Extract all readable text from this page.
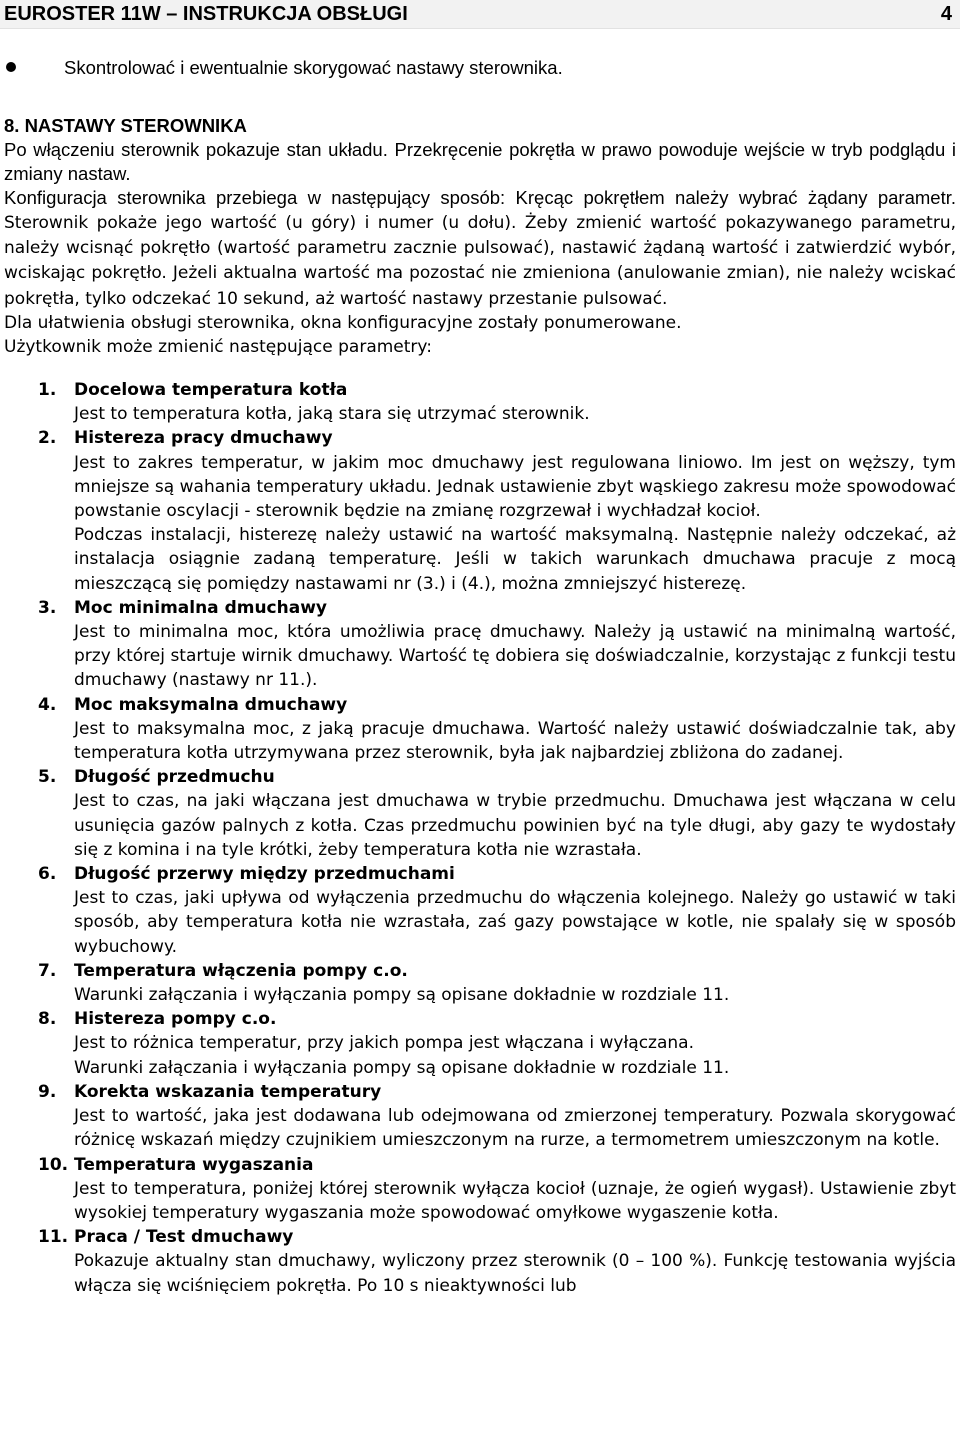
EUROSTER 11W – INSTRUKCJA OBSŁUGI	4
Skontrolować i ewentualnie skorygować nastawy sterownika.
8. NASTAWY STEROWNIKA

Po włączeniu sterownik pokazuje stan układu. Przekręcenie pokrętła w prawo powoduje wejście w tryb podglądu i zmiany nastaw.

Konfiguracja sterownika przebiega w następujący sposób: Kręcąc pokrętłem należy wybrać żądany parametr. Sterownik pokaże jego wartość (u góry) i numer (u dołu). Żeby zmienić wartość pokazywanego parametru, należy wcisnąć pokrętło (wartość parametru zacznie pulsować), nastawić żądaną wartość i zatwierdzić wybór, wciskając pokrętło. Jeżeli aktualna wartość ma pozostać nie zmieniona (anulowanie zmian), nie należy wciskać pokrętła, tylko odczekać 10 sekund, aż wartość nastawy przestanie pulsować.

Dla ułatwienia obsługi sterownika, okna konfiguracyjne zostały ponumerowane.

Użytkownik może zmienić następujące parametry:

1. Docelowa temperatura kotła

Jest to temperatura kotła, jaką stara się utrzymać sterownik.

2. Histereza pracy dmuchawy

Jest to zakres temperatur, w jakim moc dmuchawy jest regulowana liniowo. Im jest on węższy, tym mniejsze są wahania temperatury układu. Jednak ustawienie zbyt wąskiego zakresu może spowodować powstanie oscylacji - sterownik będzie na zmianę rozgrzewał i wychładzał kocioł.

Podczas instalacji, histerezę należy ustawić na wartość maksymalną. Następnie należy odczekać, aż instalacja osiągnie zadaną temperaturę. Jeśli w takich warunkach dmuchawa pracuje z mocą mieszczącą się pomiędzy nastawami nr (3.) i (4.), można zmniejszyć histerezę.

3. Moc minimalna dmuchawy

Jest to minimalna moc, która umożliwia pracę dmuchawy. Należy ją ustawić na minimalną wartość, przy której startuje wirnik dmuchawy. Wartość tę dobiera się doświadczalnie, korzystając z funkcji testu dmuchawy (nastawy nr 11.).

4. Moc maksymalna dmuchawy

Jest to maksymalna moc, z jaką pracuje dmuchawa. Wartość należy ustawić doświadczalnie tak, aby temperatura kotła utrzymywana przez sterownik, była jak najbardziej zbliżona do zadanej.

5. Długość przedmuchu

Jest to czas, na jaki włączana jest dmuchawa w trybie przedmuchu. Dmuchawa jest włączana w celu usunięcia gazów palnych z kotła. Czas przedmuchu powinien być na tyle długi, aby gazy te wydostały się z komina i na tyle krótki, żeby temperatura kotła nie wzrastała.

6. Długość przerwy między przedmuchami

Jest to czas, jaki upływa od wyłączenia przedmuchu do włączenia kolejnego. Należy go ustawić w taki sposób, aby temperatura kotła nie wzrastała, zaś gazy powstające w kotle, nie spalały się w sposób wybuchowy.

7. Temperatura włączenia pompy c.o.

Warunki załączania i wyłączania pompy są opisane dokładnie w rozdziale 11.

8. Histereza pompy c.o.

Jest to różnica temperatur, przy jakich pompa jest włączana i wyłączana.

Warunki załączania i wyłączania pompy są opisane dokładnie w rozdziale 11.

9. Korekta wskazania temperatury

Jest to wartość, jaka jest dodawana lub odejmowana od zmierzonej temperatury. Pozwala skorygować różnicę wskazań między czujnikiem umieszczonym na rurze, a termometrem umieszczonym na kotle.

10. Temperatura wygaszania

Jest to temperatura, poniżej której sterownik wyłącza kocioł (uznaje, że ogień wygasł). Ustawienie zbyt wysokiej temperatury wygaszania może spowodować omyłkowe wygaszenie kotła.

11. Praca / Test dmuchawy

Pokazuje aktualny stan dmuchawy, wyliczony przez sterownik (0 – 100 %). Funkcję testowania wyjścia włącza się wciśnięciem pokrętła. Po 10 s nieaktywności lub
